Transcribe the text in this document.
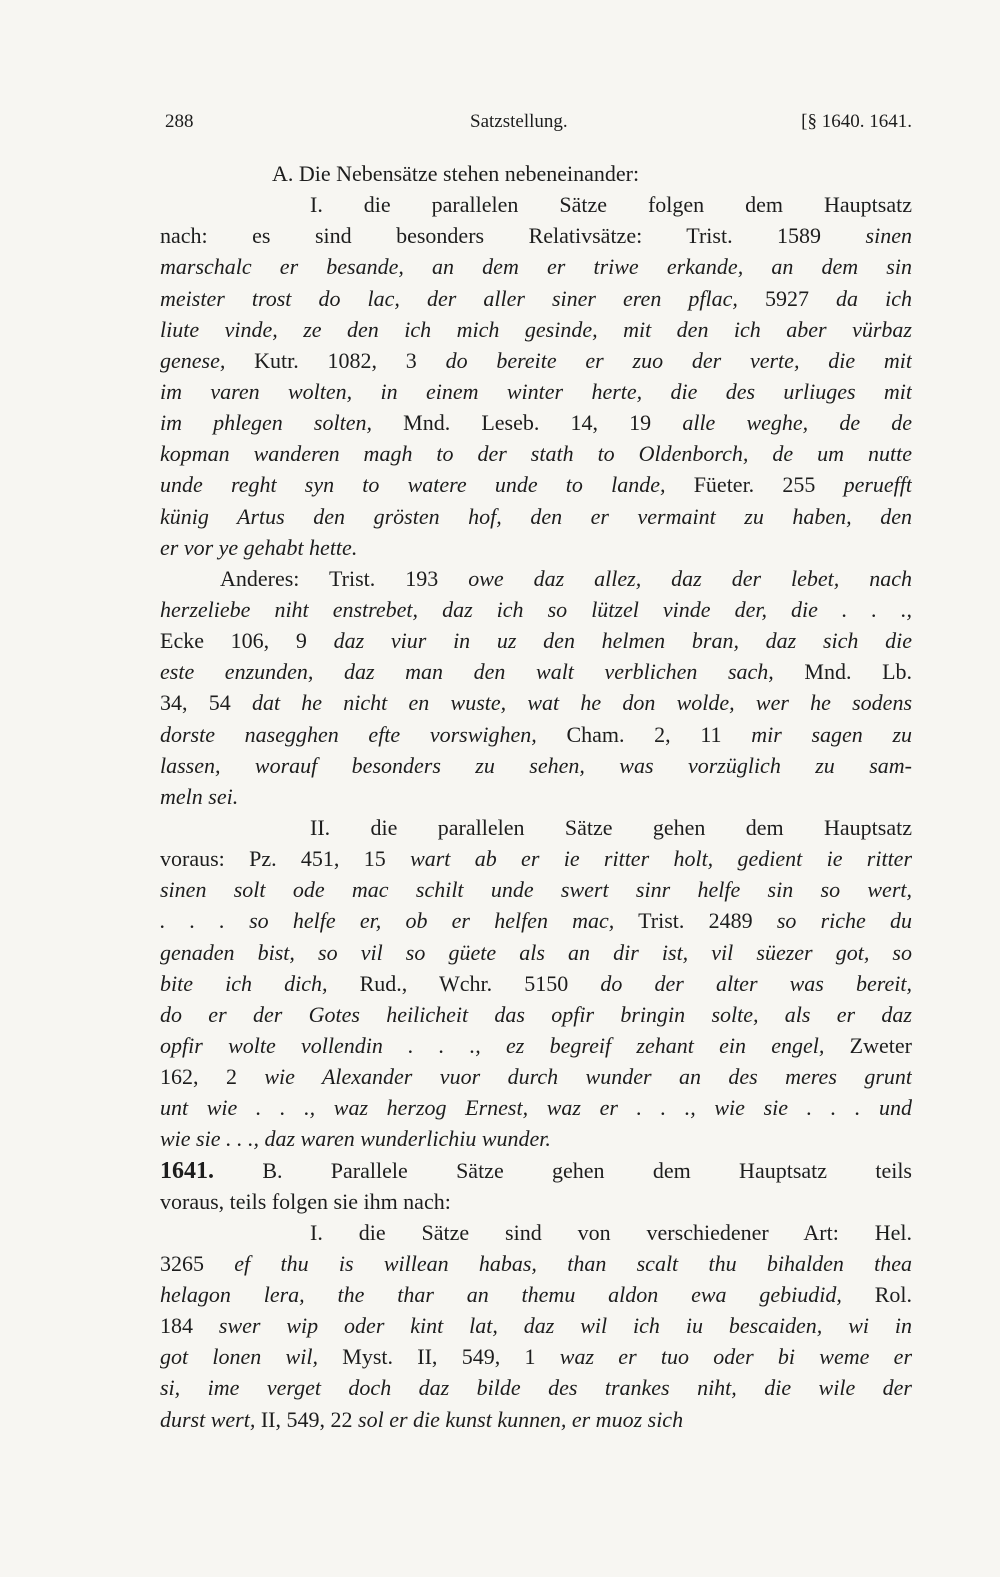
288	Satzstellung.	[§ 1640. 1641.
A. Die Nebensätze stehen nebeneinander:
I. die parallelen Sätze folgen dem Hauptsatz
nach: es sind besonders Relativsätze: Trist. 1589 sinen
marschalc er besande, an dem er triwe erkande, an dem sin
meister trost do lac, der aller siner eren pflac, 5927 da ich
liute vinde, ze den ich mich gesinde, mit den ich aber vürbaz
genese, Kutr. 1082, 3 do bereite er zuo der verte, die mit
im varen wolten, in einem winter herte, die des urliuges mit
im phlegen solten, Mnd. Leseb. 14, 19 alle weghe, de de
kopman wanderen magh to der stath to Oldenborch, de um nutte
unde reght syn to watere unde to lande, Füeter. 255 peruefft
künig Artus den grösten hof, den er vermaint zu haben, den
er vor ye gehabt hette.
Anderes: Trist. 193 owe daz allez, daz der lebet, nach
herzeliebe niht enstrebet, daz ich so lützel vinde der, die . . .,
Ecke 106, 9 daz viur in uz den helmen bran, daz sich die
este enzunden, daz man den walt verblichen sach, Mnd. Lb.
34, 54 dat he nicht en wuste, wat he don wolde, wer he sodens
dorste nasegghen efte vorswighen, Cham. 2, 11 mir sagen zu
lassen, worauf besonders zu sehen, was vorzüglich zu sam-
meln sei.
II. die parallelen Sätze gehen dem Hauptsatz
voraus: Pz. 451, 15 wart ab er ie ritter holt, gedient ie ritter
sinen solt ode mac schilt unde swert sinr helfe sin so wert,
. . . so helfe er, ob er helfen mac, Trist. 2489 so riche du
genaden bist, so vil so güete als an dir ist, vil süezer got, so
bite ich dich, Rud., Wchr. 5150 do der alter was bereit,
do er der Gotes heilicheit das opfir bringin solte, als er daz
opfir wolte vollendin . . ., ez begreif zehant ein engel, Zweter
162, 2 wie Alexander vuor durch wunder an des meres grunt
unt wie . . ., waz herzog Ernest, waz er . . ., wie sie . . . und
wie sie . . ., daz waren wunderlichiu wunder.
1641. B. Parallele Sätze gehen dem Hauptsatz teils
voraus, teils folgen sie ihm nach:
I. die Sätze sind von verschiedener Art: Hel.
3265 ef thu is willean habas, than scalt thu bihalden thea
helagon lera, the thar an themu aldon ewa gebiudid, Rol.
184 swer wip oder kint lat, daz wil ich iu bescaiden, wi in
got lonen wil, Myst. II, 549, 1 waz er tuo oder bi weme er
si, ime verget doch daz bilde des trankes niht, die wile der
durst wert, II, 549, 22 sol er die kunst kunnen, er muoz sich
